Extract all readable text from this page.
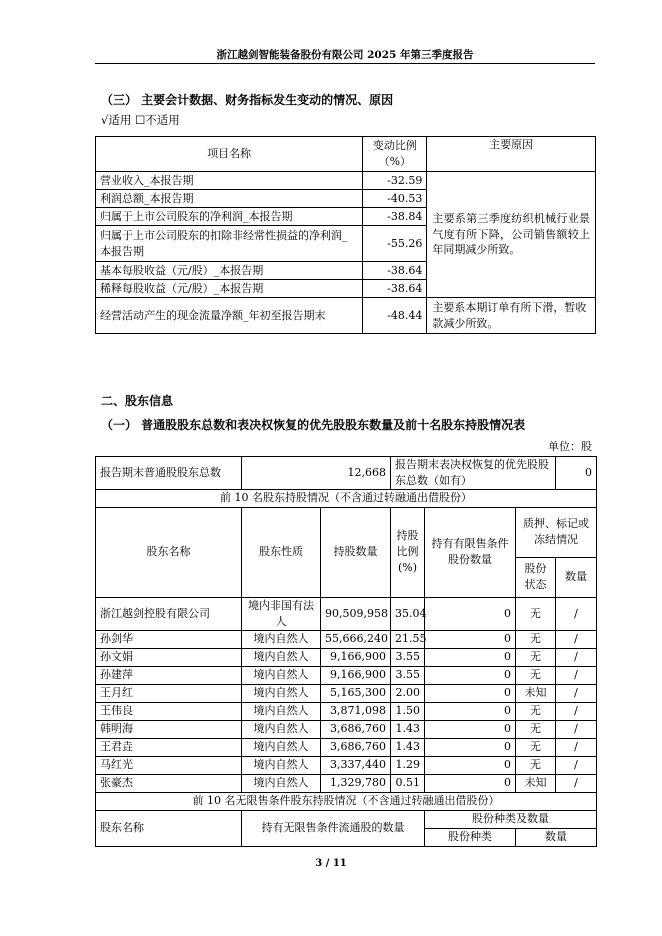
浙江越剑智能装备股份有限公司 2025 年第三季度报告
（三） 主要会计数据、财务指标发生变动的情况、原因
√适用 ☐不适用
项目名称	变动比例（%）	主要原因
营业收入_本报告期	-32.59	主要系第三季度纺织机械行业景气度有所下降，公司销售额较上年同期减少所致。
利润总额_本报告期	-40.53	
归属于上市公司股东的净利润_本报告期	-38.84	
归属于上市公司股东的扣除非经常性损益的净利润_本报告期	-55.26	
基本每股收益（元/股）_本报告期	-38.64	
稀释每股收益（元/股）_本报告期	-38.64	
经营活动产生的现金流量净额_年初至报告期末	-48.44	主要系本期订单有所下滑，暂收款减少所致。
二、股东信息
（一） 普通股股东总数和表决权恢复的优先股股东数量及前十名股东持股情况表
单位：股
报告期末普通股股东总数	12,668		报告期末表决权恢复的优先股股东总数（如有）			0
前 10 名股东持股情况（不含通过转融通出借股份）						
股东名称	股东性质	持股数量	持股比例(%)	持有有限售条件股份数量	质押、标记或冻结情况	
					股份状态	数量
浙江越剑控股有限公司	境内非国有法人	90,509,958	35.04	0	无	/
孙剑华	境内自然人	55,666,240	21.55	0	无	/
孙文娟	境内自然人	9,166,900	3.55	0	无	/
孙建萍	境内自然人	9,166,900	3.55	0	无	/
王月红	境内自然人	5,165,300	2.00	0	未知	/
王伟良	境内自然人	3,871,098	1.50	0	无	/
韩明海	境内自然人	3,686,760	1.43	0	无	/
王君垚	境内自然人	3,686,760	1.43	0	无	/
马红光	境内自然人	3,337,440	1.29	0	无	/
张豪杰	境内自然人	1,329,780	0.51	0	未知	/
前 10 名无限售条件股东持股情况（不含通过转融通出借股份）						
股东名称	持有无限售条件流通股的数量			股份种类及数量		
				股份种类	数量	
3 / 11
